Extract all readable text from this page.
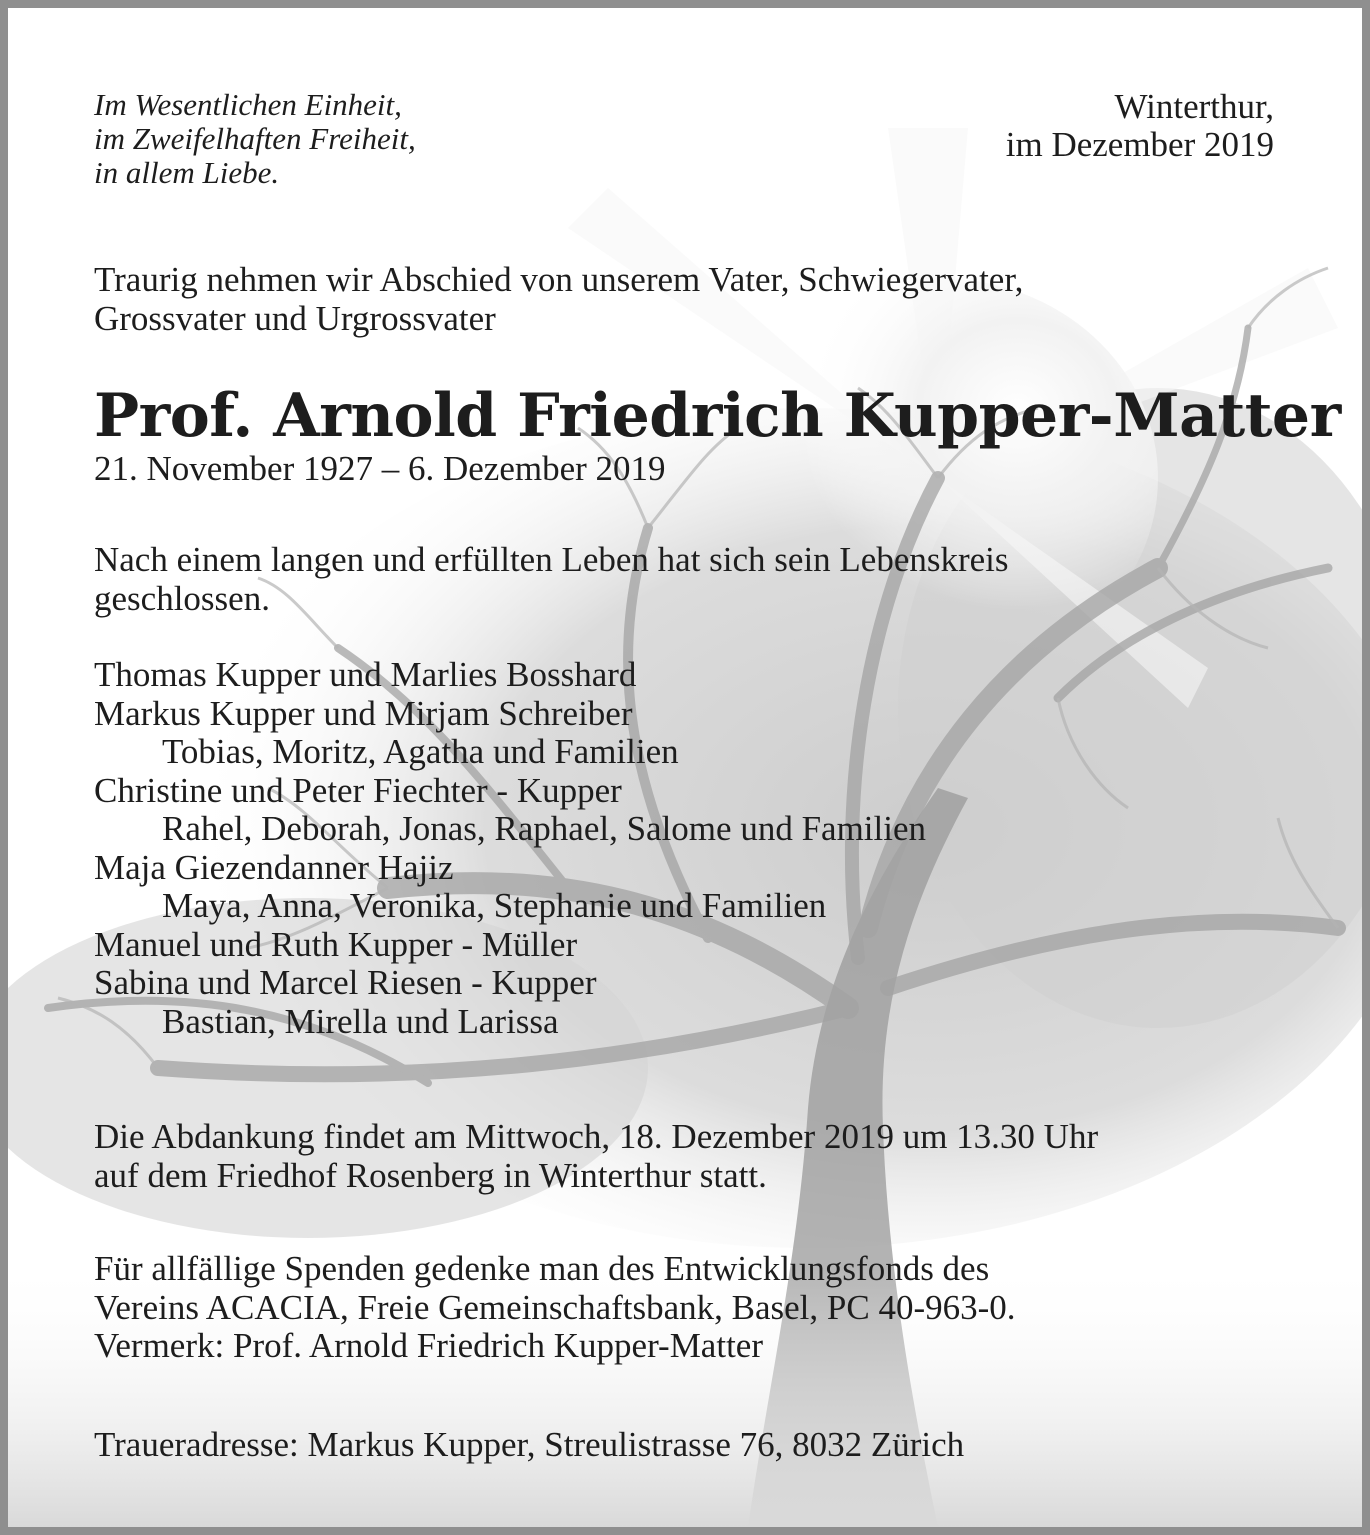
Im Wesentlichen Einheit,
im Zweifelhaften Freiheit,
in allem Liebe.
Winterthur,
im Dezember 2019
Traurig nehmen wir Abschied von unserem Vater, Schwiegervater,
Grossvater und Urgrossvater
Prof. Arnold Friedrich Kupper-Matter
21. November 1927 – 6. Dezember 2019
Nach einem langen und erfüllten Leben hat sich sein Lebenskreis
geschlossen.
Thomas Kupper und Marlies Bosshard
Markus Kupper und Mirjam Schreiber
Tobias, Moritz, Agatha und Familien
Christine und Peter Fiechter - Kupper
Rahel, Deborah, Jonas, Raphael, Salome und Familien
Maja Giezendanner Hajiz
Maya, Anna, Veronika, Stephanie und Familien
Manuel und Ruth Kupper - Müller
Sabina und Marcel Riesen - Kupper
Bastian, Mirella und Larissa
Die Abdankung findet am Mittwoch, 18. Dezember 2019 um 13.30 Uhr
auf dem Friedhof Rosenberg in Winterthur statt.
Für allfällige Spenden gedenke man des Entwicklungsfonds des
Vereins ACACIA, Freie Gemeinschaftsbank, Basel, PC 40-963-0.
Vermerk: Prof. Arnold Friedrich Kupper-Matter
Traueradresse: Markus Kupper, Streulistrasse 76, 8032 Zürich
